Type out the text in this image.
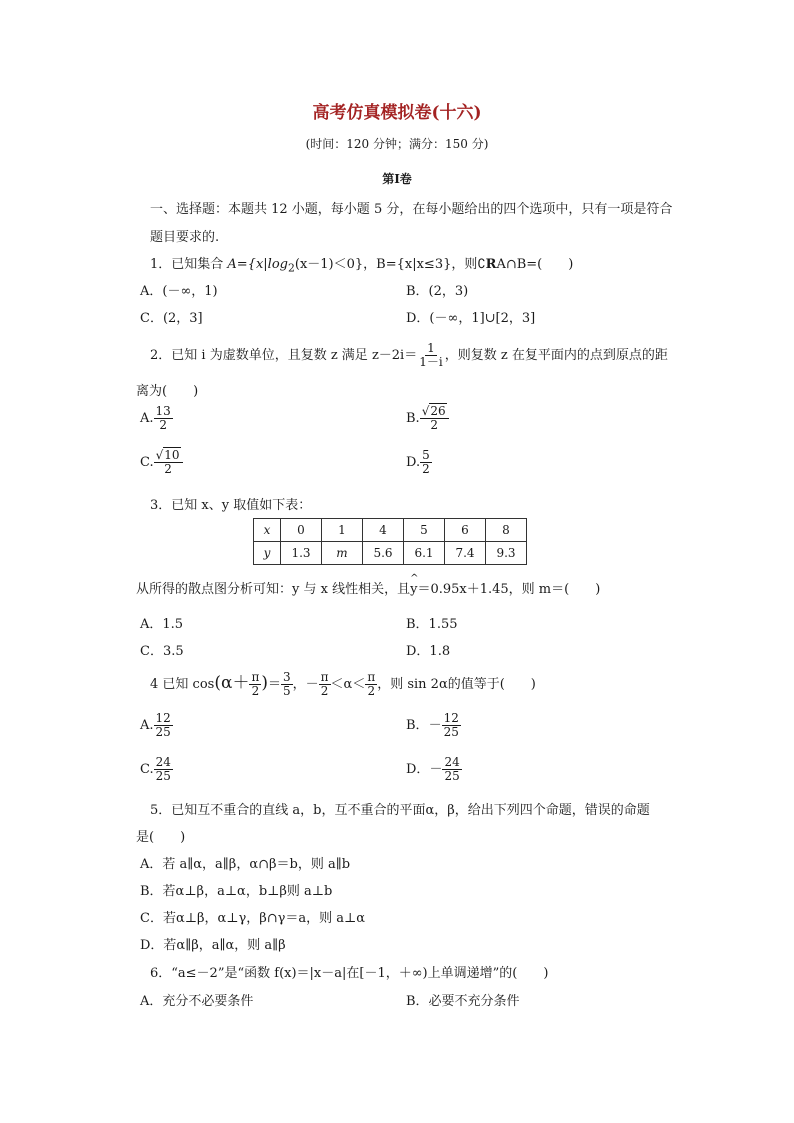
高考仿真模拟卷(十六)
(时间：120 分钟；满分：150 分)
第Ⅰ卷
一、选择题：本题共 12 小题，每小题 5 分，在每小题给出的四个选项中，只有一项是符合题目要求的.
1．已知集合 $A=\{x|\log_2(x-1)<0\}$，B={x|x≤3}，则∁RA∩B=(　　)
A．(－∞，1)	B．(2，3)
C．(2，3]	D．(－∞，1]∪[2，3]
2．已知 i 为虚数单位，且复数 z 满足 $z-2i= \frac{1}{1-i}$ ，则复数 z 在复平面内的点到原点的距
离为(　　)
A. $\frac{13}{2}$	B. $\frac{√26}{2}$
C. $\frac{√10}{2}$	D. $\frac{5}{2}$
3．已知 x、y 取值如下表：
x	0	1	4	5	6	8
y	1.3	m	5.6	6.1	7.4	9.3
从所得的散点图分析可知：y 与 x 线性相关，且^ y＝0.95x＋1.45，则 m＝(　　)
A．1.5	B．1.55
C．3.5	D．1.8
4 已知 $\cos(\alpha+ \frac{\pi}{2}$ )＝ $\frac{3}{5}$ ，－ $\frac{\pi}{2} <\alpha< \frac{\pi}{2}$ ，则 sin 2α的值等于(　　)
A. $\frac{12}{25}$	B．－ $\frac{12}{25}$
C. $\frac{24}{25}$	D．－ $\frac{24}{25}$
5．已知互不重合的直线 a，b，互不重合的平面α，β，给出下列四个命题，错误的命题
是(　　)
A．若 a∥α，a∥β，α∩β＝b，则 a∥b
B．若α⊥β，a⊥α，b⊥β则 a⊥b
C．若α⊥β，α⊥γ，β∩γ＝a，则 a⊥α
D．若α∥β，a∥α，则 a∥β
6．“a≤－2”是“函数 f(x)＝|x－a|在[－1，＋∞)上单调递增”的(　　)
A．充分不必要条件	B．必要不充分条件
